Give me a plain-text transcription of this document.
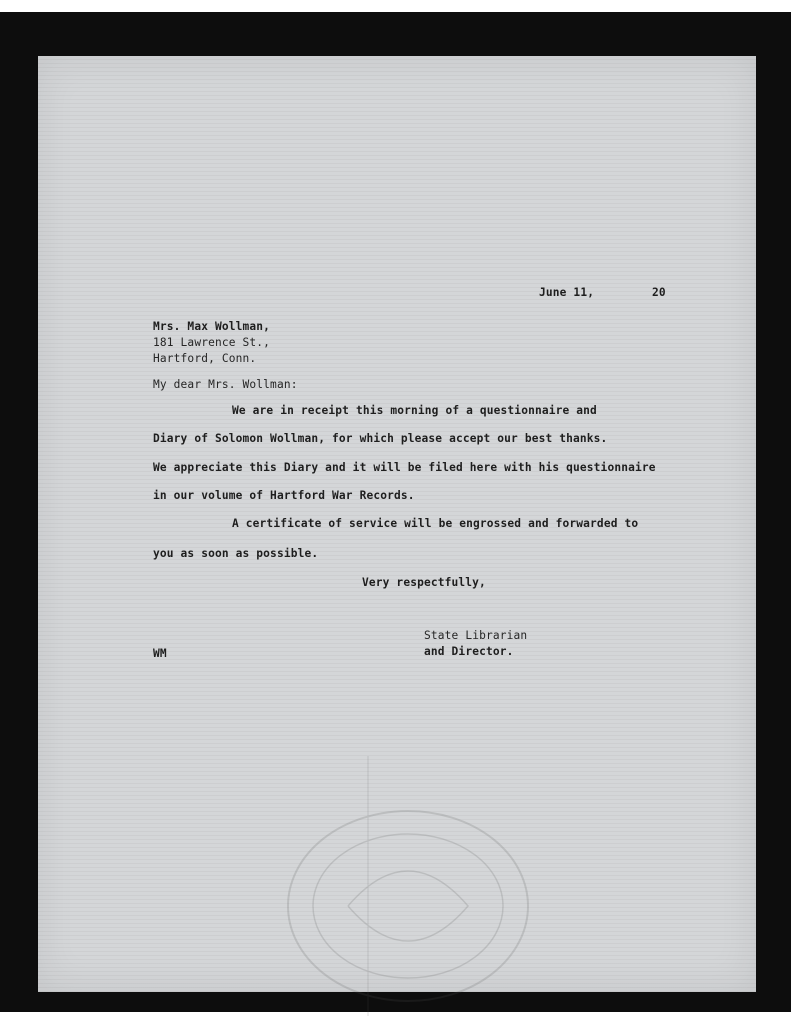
June 11,	20
Mrs. Max Wollman,
181 Lawrence St.,
Hartford, Conn.
My dear Mrs. Wollman:
We are in receipt this morning of a questionnaire and
Diary of Solomon Wollman, for which please accept our best thanks.
We appreciate this Diary and it will be filed here with his questionnaire
in our volume of Hartford War Records.
A certificate of service will be engrossed and forwarded to
you as soon as possible.
Very respectfully,
State Librarian
and Director.
WM
